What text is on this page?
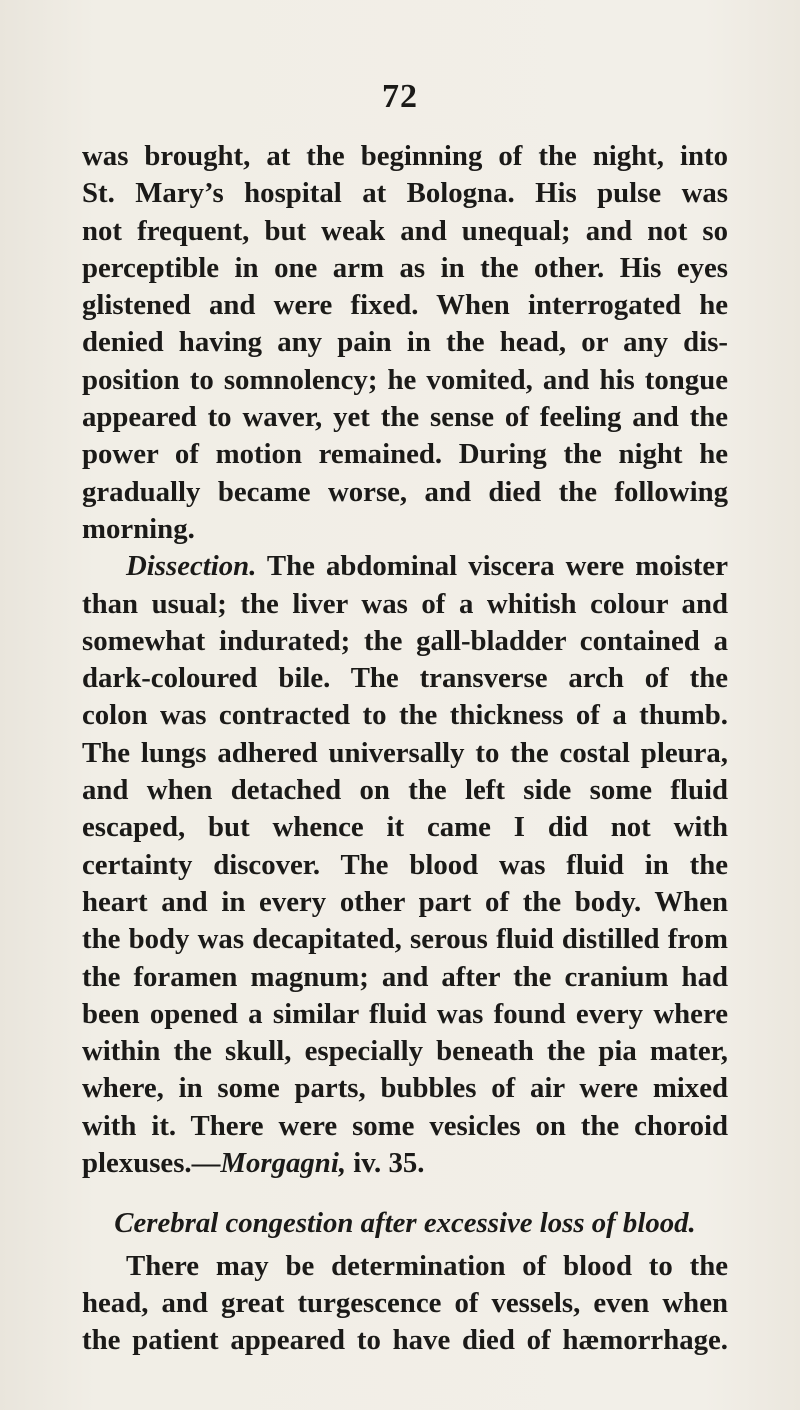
72
was brought, at the beginning of the night, into
St. Mary’s hospital at Bologna. His pulse was
not frequent, but weak and unequal; and not so
perceptible in one arm as in the other. His eyes
glistened and were fixed. When interrogated he
denied having any pain in the head, or any dis-
position to somnolency; he vomited, and his tongue
appeared to waver, yet the sense of feeling and the
power of motion remained. During the night he
gradually became worse, and died the following
morning.
Dissection. The abdominal viscera were moister
than usual; the liver was of a whitish colour and
somewhat indurated; the gall-bladder contained a
dark-coloured bile. The transverse arch of the
colon was contracted to the thickness of a thumb.
The lungs adhered universally to the costal pleura,
and when detached on the left side some fluid
escaped, but whence it came I did not with
certainty discover. The blood was fluid in the
heart and in every other part of the body. When
the body was decapitated, serous fluid distilled from
the foramen magnum; and after the cranium had
been opened a similar fluid was found every where
within the skull, especially beneath the pia mater,
where, in some parts, bubbles of air were mixed
with it. There were some vesicles on the choroid
plexuses.—Morgagni, iv. 35.
Cerebral congestion after excessive loss of blood.
There may be determination of blood to the
head, and great turgescence of vessels, even when
the patient appeared to have died of hæmorrhage.
